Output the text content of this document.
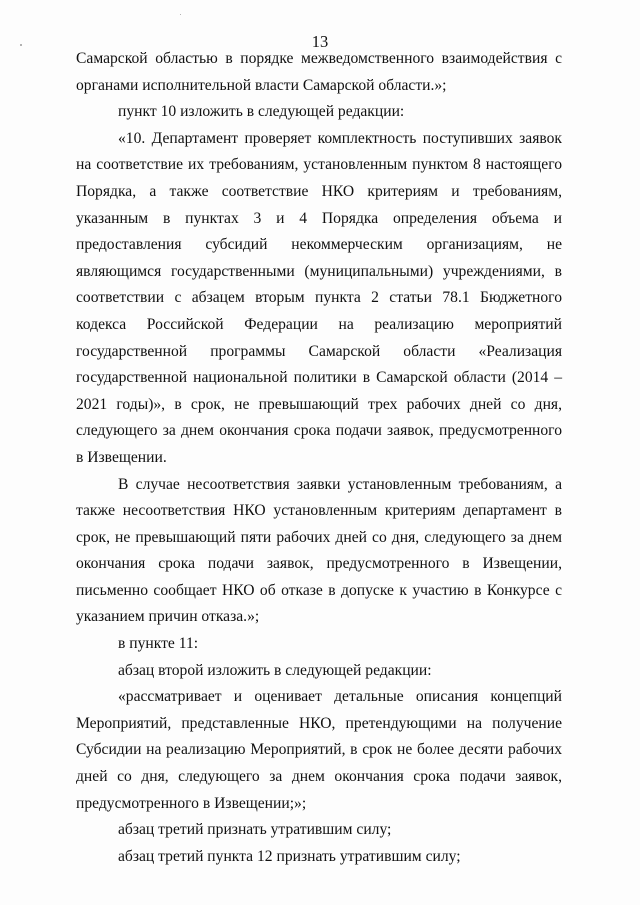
13

Самарской областью в порядке межведомственного взаимодействия с органами исполнительной власти Самарской области.»;

пункт 10 изложить в следующей редакции:

«10. Департамент проверяет комплектность поступивших заявок на соответствие их требованиям, установленным пунктом 8 настоящего Порядка, а также соответствие НКО критериям и требованиям, указанным в пунктах 3 и 4 Порядка определения объема и предоставления субсидий некоммерческим организациям, не являющимся государственными (муниципальными) учреждениями, в соответствии с абзацем вторым пункта 2 статьи 78.1 Бюджетного кодекса Российской Федерации на реализацию мероприятий государственной программы Самарской области «Реализация государственной национальной политики в Самарской области (2014 – 2021 годы)», в срок, не превышающий трех рабочих дней со дня, следующего за днем окончания срока подачи заявок, предусмотренного в Извещении.

В случае несоответствия заявки установленным требованиям, а также несоответствия НКО установленным критериям департамент в срок, не превышающий пяти рабочих дней со дня, следующего за днем окончания срока подачи заявок, предусмотренного в Извещении, письменно сообщает НКО об отказе в допуске к участию в Конкурсе с указанием причин отказа.»;

в пункте 11:

абзац второй изложить в следующей редакции:

«рассматривает и оценивает детальные описания концепций Мероприятий, представленные НКО, претендующими на получение Субсидии на реализацию Мероприятий, в срок не более десяти рабочих дней со дня, следующего за днем окончания срока подачи заявок, предусмотренного в Извещении;»;

абзац третий признать утратившим силу;

абзац третий пункта 12 признать утратившим силу;
